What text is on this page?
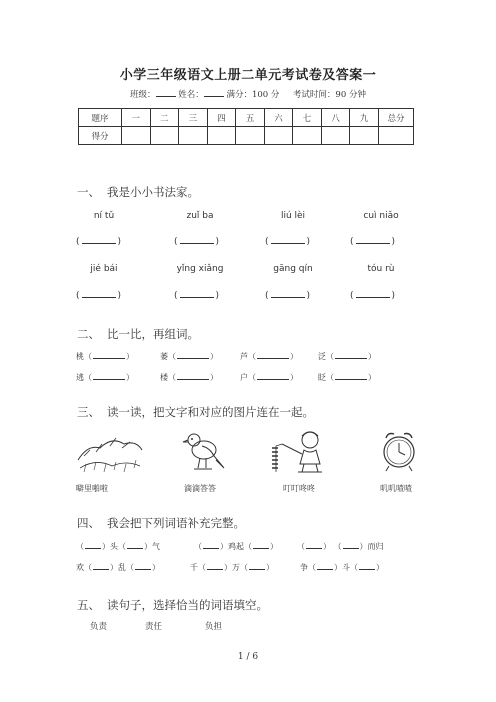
小学三年级语文上册二单元考试卷及答案一
班级：	姓名：	满分：100 分 考试时间：90 分钟
题序	一	二	三	四	五	六	七	八	九	总分
得分										
一、 我是小小书法家。
ní tǔ	zuǐ ba	liú lèi	cuì niǎo
(	)	(	)	(	)	(	)
jié bái	yǐng xiǎng	gāng qín	tóu rù
(	)	(	)	(	)	(	)
二、 比一比，再组词。
桃（	）	萎（	）	芦（	）	泛（	）
逃（	）	楼（	）	户（	）	眨（	）
三、 读一读，把文字和对应的图片连在一起。
噼里啪啦	滴滴答答	叮叮咚咚	叽叽喳喳
四、 我会把下列词语补充完整。
（ ）头（ ）气	（ ）鸡起（ ） （ ） （ ）而归
欢（ ）乱（ ）	千（ ）万（ ）	争（ ）斗（ ）
五、 读句子，选择恰当的词语填空。
负责	责任	负担
1 / 6
